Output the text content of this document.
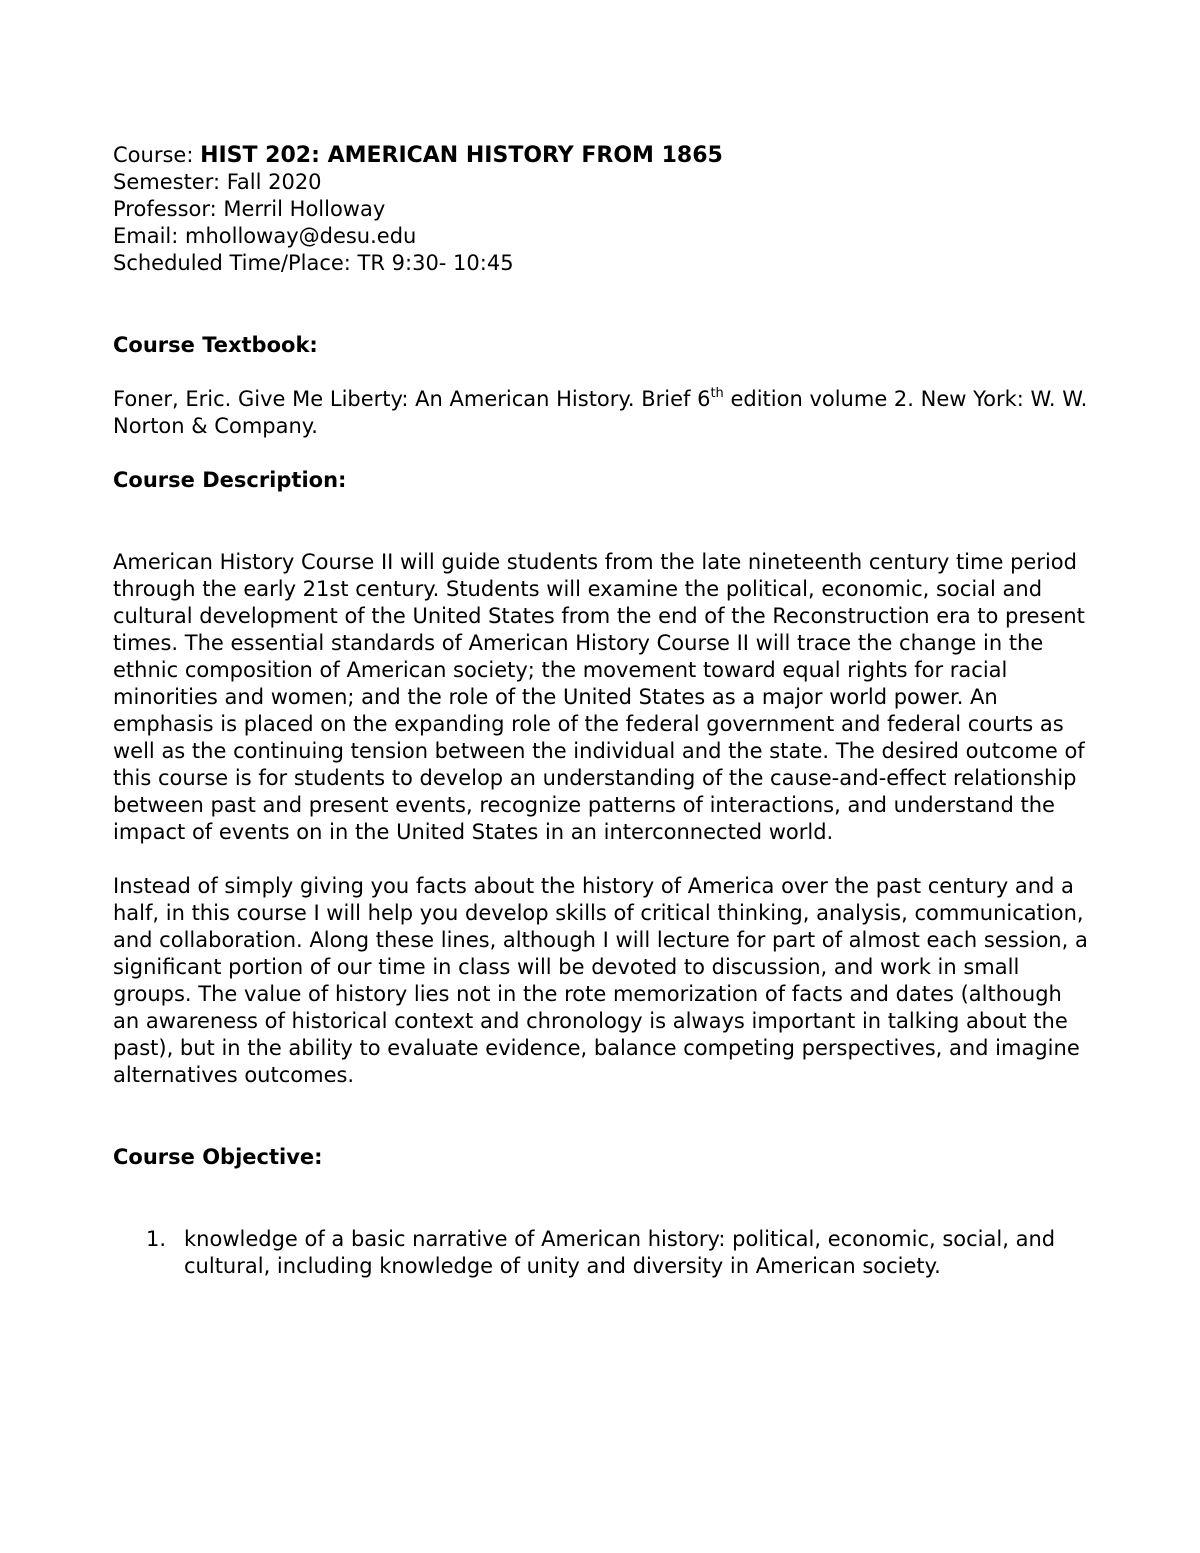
Course: HIST 202: AMERICAN HISTORY FROM 1865

Semester: Fall 2020

Professor: Merril Holloway

Email: mholloway@desu.edu

Scheduled Time/Place: TR 9:30- 10:45

Course Textbook:

Foner, Eric. Give Me Liberty: An American History. Brief 6th edition volume 2. New York: W. W. Norton & Company.

Course Description:

American History Course II will guide students from the late nineteenth century time period through the early 21st century. Students will examine the political, economic, social and cultural development of the United States from the end of the Reconstruction era to present times. The essential standards of American History Course II will trace the change in the ethnic composition of American society; the movement toward equal rights for racial minorities and women; and the role of the United States as a major world power. An emphasis is placed on the expanding role of the federal government and federal courts as well as the continuing tension between the individual and the state. The desired outcome of this course is for students to develop an understanding of the cause-and-effect relationship between past and present events, recognize patterns of interactions, and understand the impact of events on in the United States in an interconnected world.

Instead of simply giving you facts about the history of America over the past century and a half, in this course I will help you develop skills of critical thinking, analysis, communication, and collaboration. Along these lines, although I will lecture for part of almost each session, a significant portion of our time in class will be devoted to discussion, and work in small groups. The value of history lies not in the rote memorization of facts and dates (although an awareness of historical context and chronology is always important in talking about the past), but in the ability to evaluate evidence, balance competing perspectives, and imagine alternatives outcomes.

Course Objective:

1. knowledge of a basic narrative of American history: political, economic, social, and cultural, including knowledge of unity and diversity in American society.
